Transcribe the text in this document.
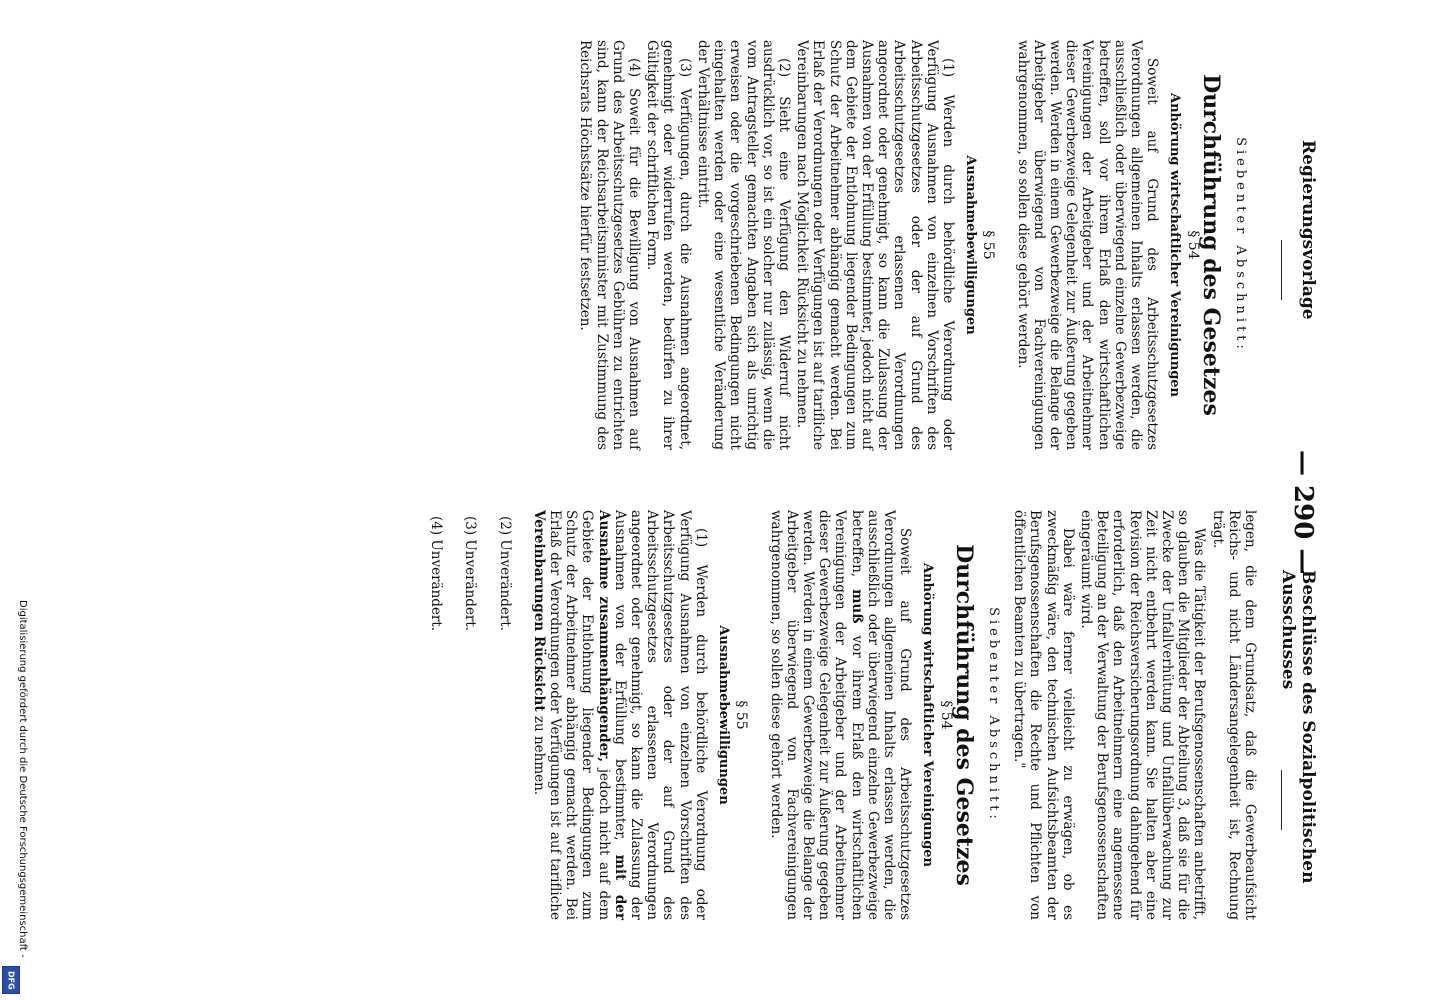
Regierungsvorlage
— 290 —
Beschlüsse des Sozialpolitischen Ausschusses

Siebenter Abschnitt:

Durchführung des Gesetzes

§ 54

Anhörung wirtschaftlicher Vereinigungen

Soweit auf Grund des Arbeitsschutzgesetzes Verordnungen allgemeinen Inhalts erlassen werden, die ausschließlich oder überwiegend einzelne Gewerbezweige betreffen, soll vor ihrem Erlaß den wirtschaftlichen Vereinigungen der Arbeitgeber und der Arbeitnehmer dieser Gewerbezweige Gelegenheit zur Äußerung gegeben werden. Werden in einem Gewerbezweige die Belange der Arbeitgeber überwiegend von Fachvereinigungen wahrgenommen, so sollen diese gehört werden.

§ 55

Ausnahmebewilligungen

(1) Werden durch behördliche Verordnung oder Verfügung Ausnahmen von einzelnen Vorschriften des Arbeitsschutzgesetzes oder der auf Grund des Arbeitsschutzgesetzes erlassenen Verordnungen angeordnet oder genehmigt, so kann die Zulassung der Ausnahmen von der Erfüllung bestimmter, jedoch nicht auf dem Gebiete der Entlohnung liegender Bedingungen zum Schutz der Arbeitnehmer abhängig gemacht werden. Bei Erlaß der Verordnungen oder Verfügungen ist auf tarifliche Vereinbarungen nach Möglichkeit Rücksicht zu nehmen.

(2) Sieht eine Verfügung den Widerruf nicht ausdrücklich vor, so ist ein solcher nur zulässig, wenn die vom Antragsteller gemachten Angaben sich als unrichtig erweisen oder die vorgeschriebenen Bedingungen nicht eingehalten werden oder eine wesentliche Veränderung der Verhältnisse eintritt.

(3) Verfügungen, durch die Ausnahmen angeordnet, genehmigt oder widerrufen werden, bedürfen zu ihrer Gültigkeit der schriftlichen Form.

(4) Soweit für die Bewilligung von Ausnahmen auf Grund des Arbeitsschutzgesetzes Gebühren zu entrichten sind, kann der Reichsarbeitsminister mit Zustimmung des Reichsrats Höchstsätze hierfür festsetzen.

legen, die dem Grundsatz, daß die Gewerbeaufsicht Reichs- und nicht Ländersangelegenheit ist, Rechnung trägt.

Was die Tätigkeit der Berufsgenossenschaften anbetrifft, so glauben die Mitglieder der Abteilung 3, daß sie für die Zwecke der Unfallverhütung und Unfallüberwachung zur Zeit nicht entbehrt werden kann. Sie halten aber eine Revision der Reichsversicherungsordnung dahingehend für erforderlich, daß den Arbeitnehmern eine angemessene Beteiligung an der Verwaltung der Berufsgenossenschaften eingeräumt wird.

Dabei wäre ferner vielleicht zu erwägen, ob es zweckmäßig wäre, den technischen Aufsichtsbeamten der Berufsgenossenschaften die Rechte und Pflichten von öffentlichen Beamten zu übertragen."

Siebenter Abschnitt:

Durchführung des Gesetzes

§ 54

Anhörung wirtschaftlicher Vereinigungen

Soweit auf Grund des Arbeitsschutzgesetzes Verordnungen allgemeinen Inhalts erlassen werden, die ausschließlich oder überwiegend einzelne Gewerbezweige betreffen, muß vor ihrem Erlaß den wirtschaftlichen Vereinigungen der Arbeitgeber und der Arbeitnehmer dieser Gewerbezweige Gelegenheit zur Äußerung gegeben werden. Werden in einem Gewerbezweige die Belange der Arbeitgeber überwiegend von Fachvereinigungen wahrgenommen, so sollen diese gehört werden.

§ 55

Ausnahmebewilligungen

(1) Werden durch behördliche Verordnung oder Verfügung Ausnahmen von einzelnen Vorschriften des Arbeitsschutzgesetzes oder der auf Grund des Arbeitsschutzgesetzes erlassenen Verordnungen angeordnet oder genehmigt, so kann die Zulassung der Ausnahmen von der Erfüllung bestimmter, mit der Ausnahme zusammenhängender, jedoch nicht auf dem Gebiete der Entlohnung liegender Bedingungen zum Schutz der Arbeitnehmer abhängig gemacht werden. Bei Erlaß der Verordnungen oder Verfügungen ist auf tarifliche Vereinbarungen Rücksicht zu nehmen.

(2) Unverändert.

(3) Unverändert.

(4) Unverändert.

Digitalisierung gefördert durch die Deutsche Forschungsgemeinschaft -
DFG
